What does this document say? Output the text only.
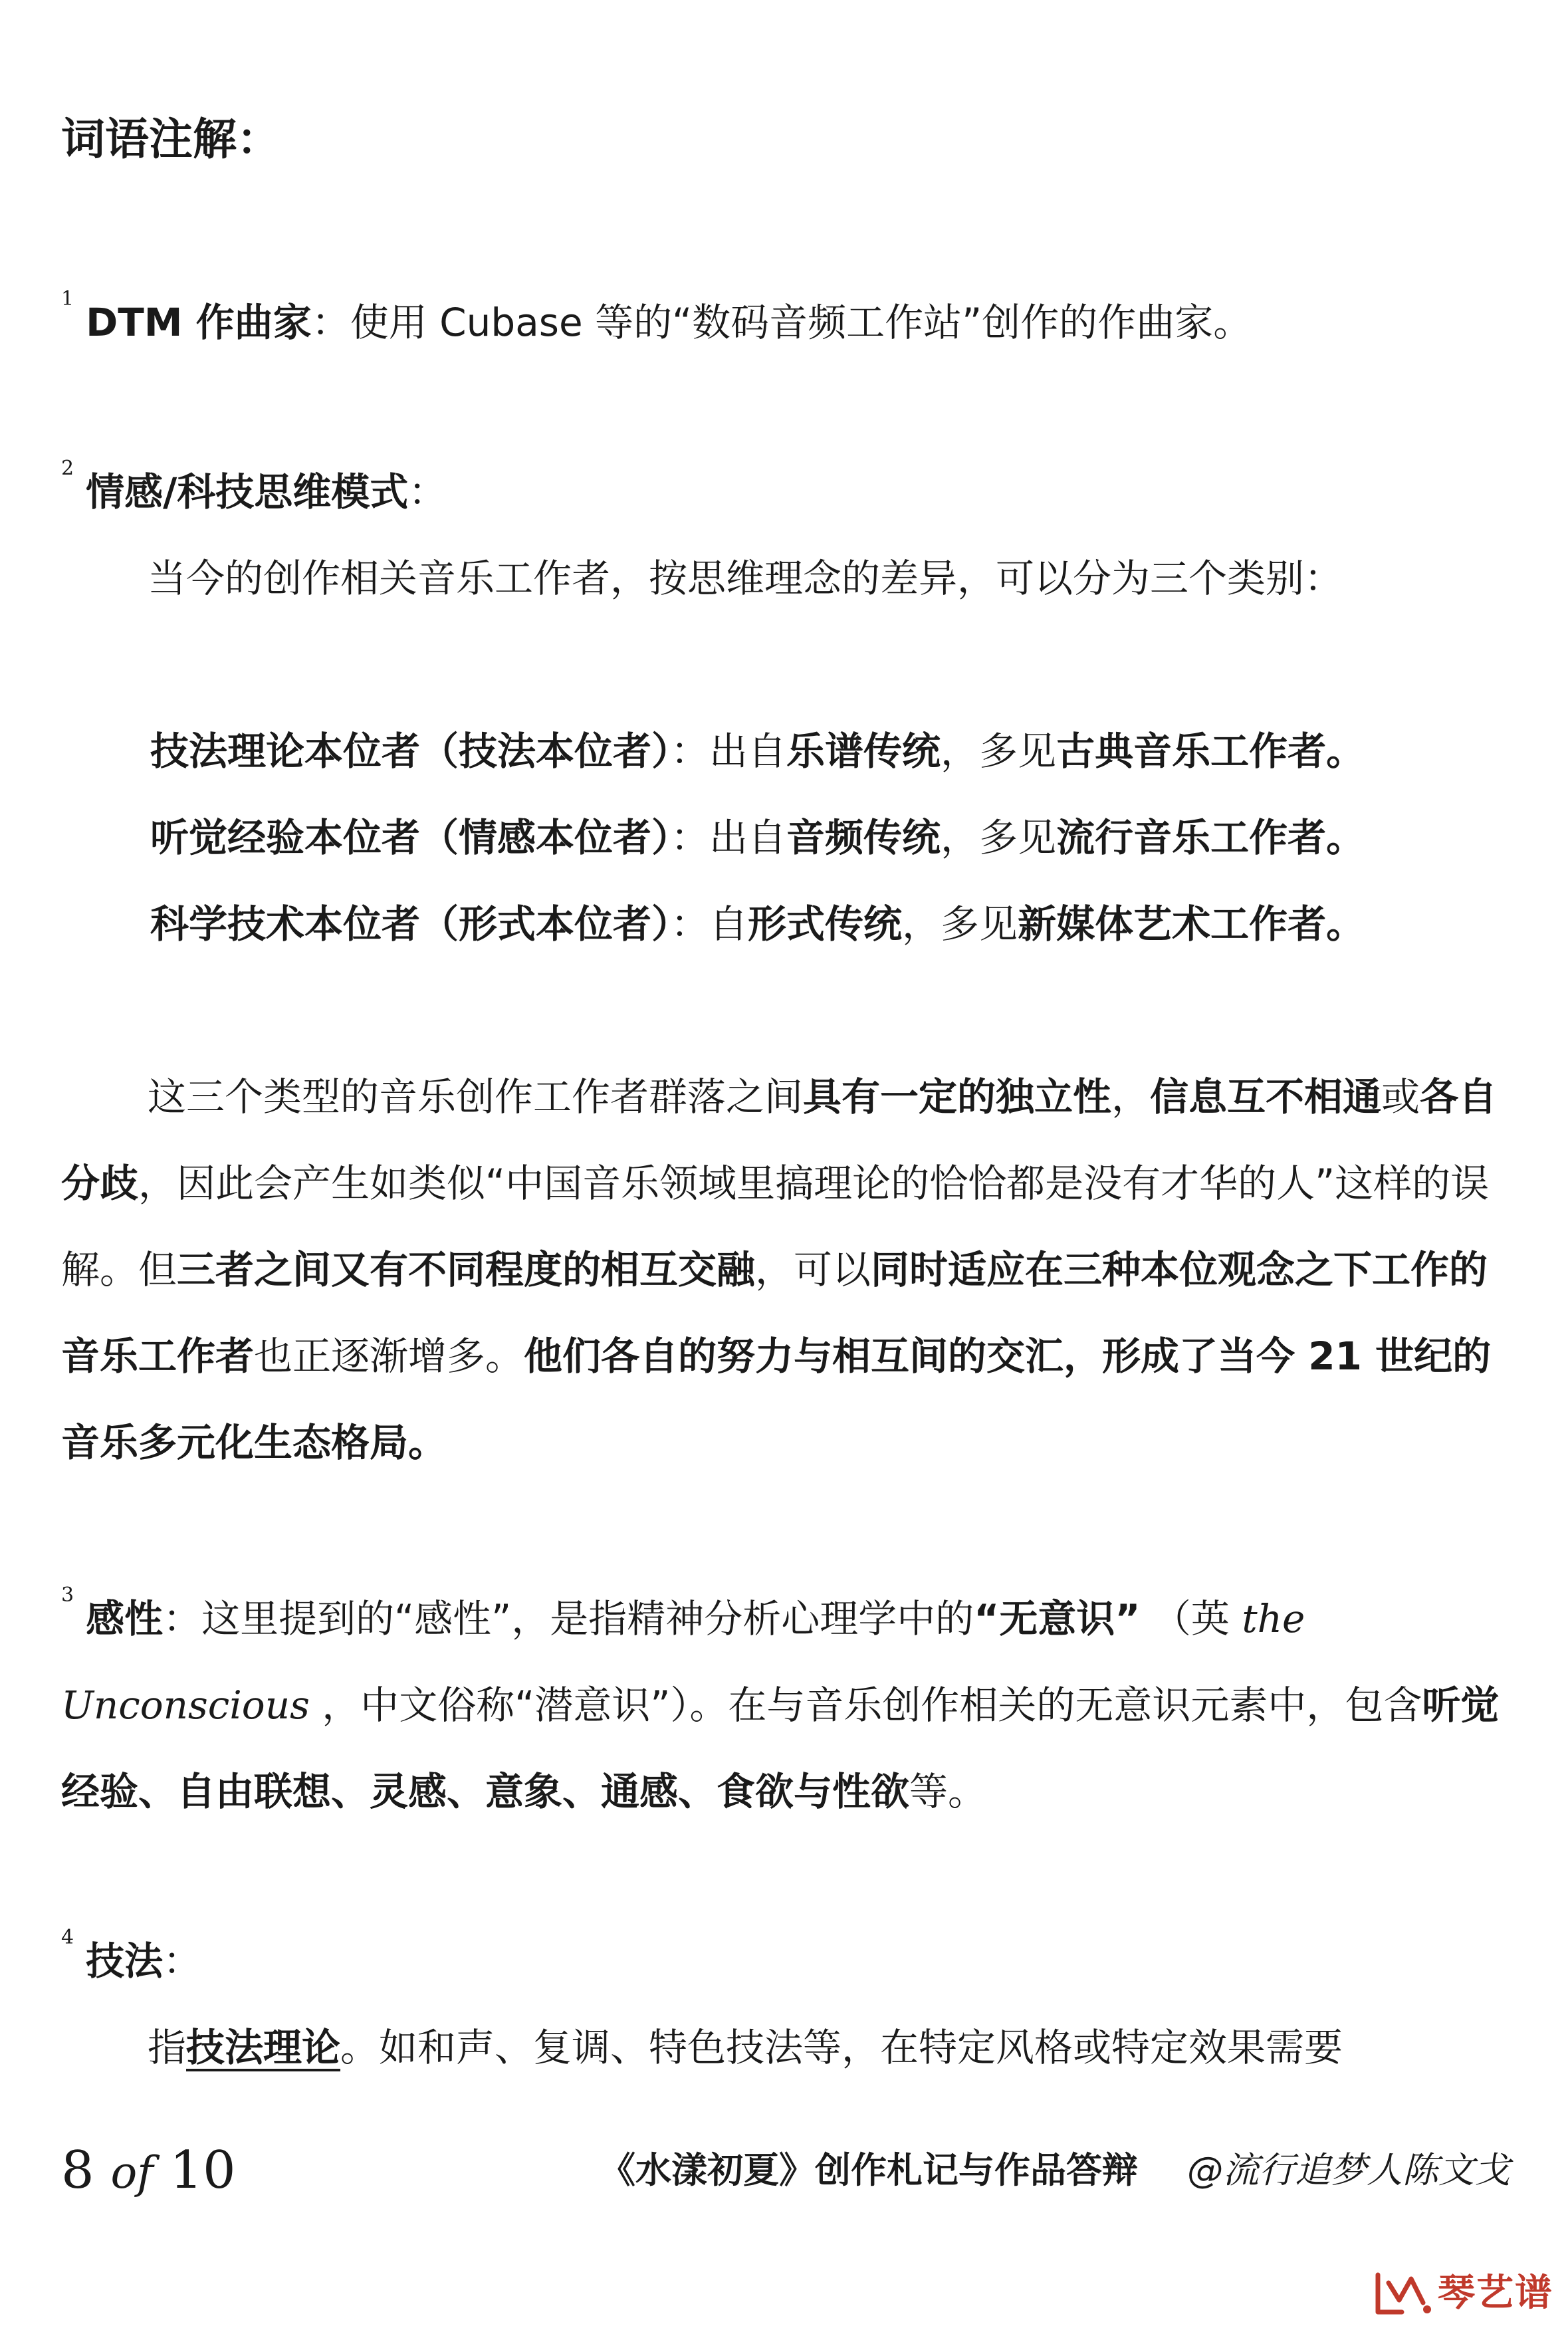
词语注解：

1DTM 作曲家：使用 Cubase 等的“数码音频工作站”创作的作曲家。

2情感/科技思维模式：

当今的创作相关音乐工作者，按思维理念的差异，可以分为三个类别：

技法理论本位者（技法本位者）：出自乐谱传统，多见古典音乐工作者。

听觉经验本位者（情感本位者）：出自音频传统，多见流行音乐工作者。

科学技术本位者（形式本位者）：自形式传统，多见新媒体艺术工作者。

这三个类型的音乐创作工作者群落之间具有一定的独立性，信息互不相通或各自分歧，因此会产生如类似“中国音乐领域里搞理论的恰恰都是没有才华的人”这样的误解。但三者之间又有不同程度的相互交融，可以同时适应在三种本位观念之下工作的音乐工作者也正逐渐增多。他们各自的努力与相互间的交汇，形成了当今 21 世纪的音乐多元化生态格局。

3感性：这里提到的“感性”，是指精神分析心理学中的“无意识” （英 the Unconscious ，中文俗称“潜意识”）。在与音乐创作相关的无意识元素中，包含听觉经验、自由联想、灵感、意象、通感、食欲与性欲等。

4技法：

指技法理论。如和声、复调、特色技法等，在特定风格或特定效果需要

8 of 10	《水漾初夏》创作札记与作品答辩 @流行追梦人陈文戈
琴艺谱
